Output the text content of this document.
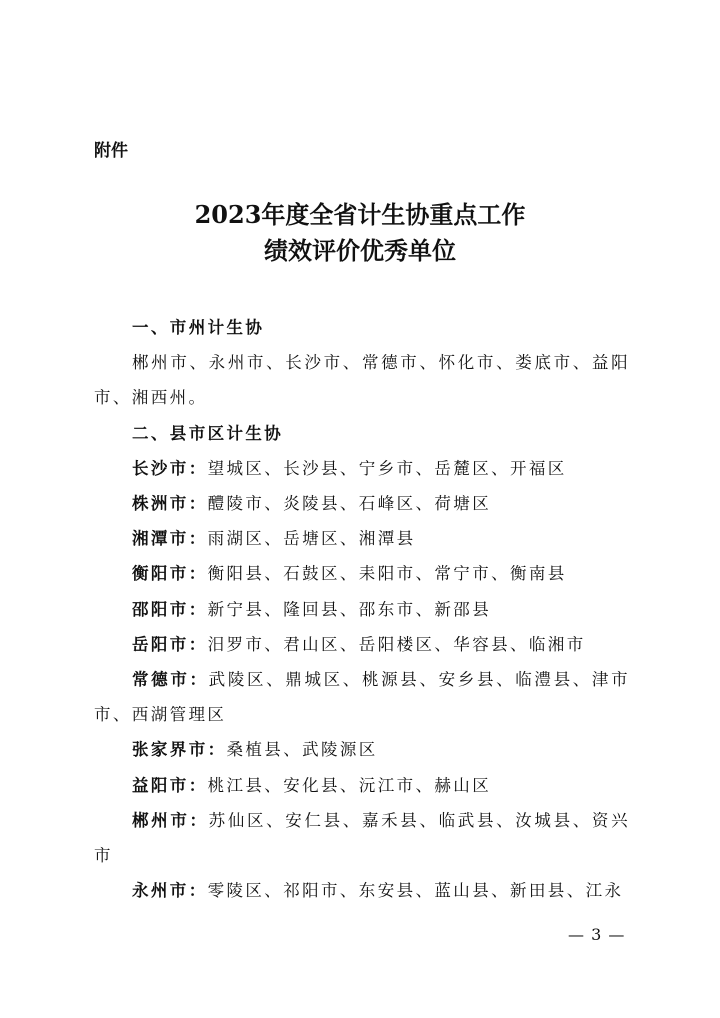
附件
2023年度全省计生协重点工作
绩效评价优秀单位

一、市州计生协

郴州市、永州市、长沙市、常德市、怀化市、娄底市、益阳市、湘西州。

二、县市区计生协

长沙市：望城区、长沙县、宁乡市、岳麓区、开福区

株洲市：醴陵市、炎陵县、石峰区、荷塘区

湘潭市：雨湖区、岳塘区、湘潭县

衡阳市：衡阳县、石鼓区、耒阳市、常宁市、衡南县

邵阳市：新宁县、隆回县、邵东市、新邵县

岳阳市：汨罗市、君山区、岳阳楼区、华容县、临湘市

常德市：武陵区、鼎城区、桃源县、安乡县、临澧县、津市市、西湖管理区

张家界市：桑植县、武陵源区

益阳市：桃江县、安化县、沅江市、赫山区

郴州市：苏仙区、安仁县、嘉禾县、临武县、汝城县、资兴市

永州市：零陵区、祁阳市、东安县、蓝山县、新田县、江永

— 3 —
